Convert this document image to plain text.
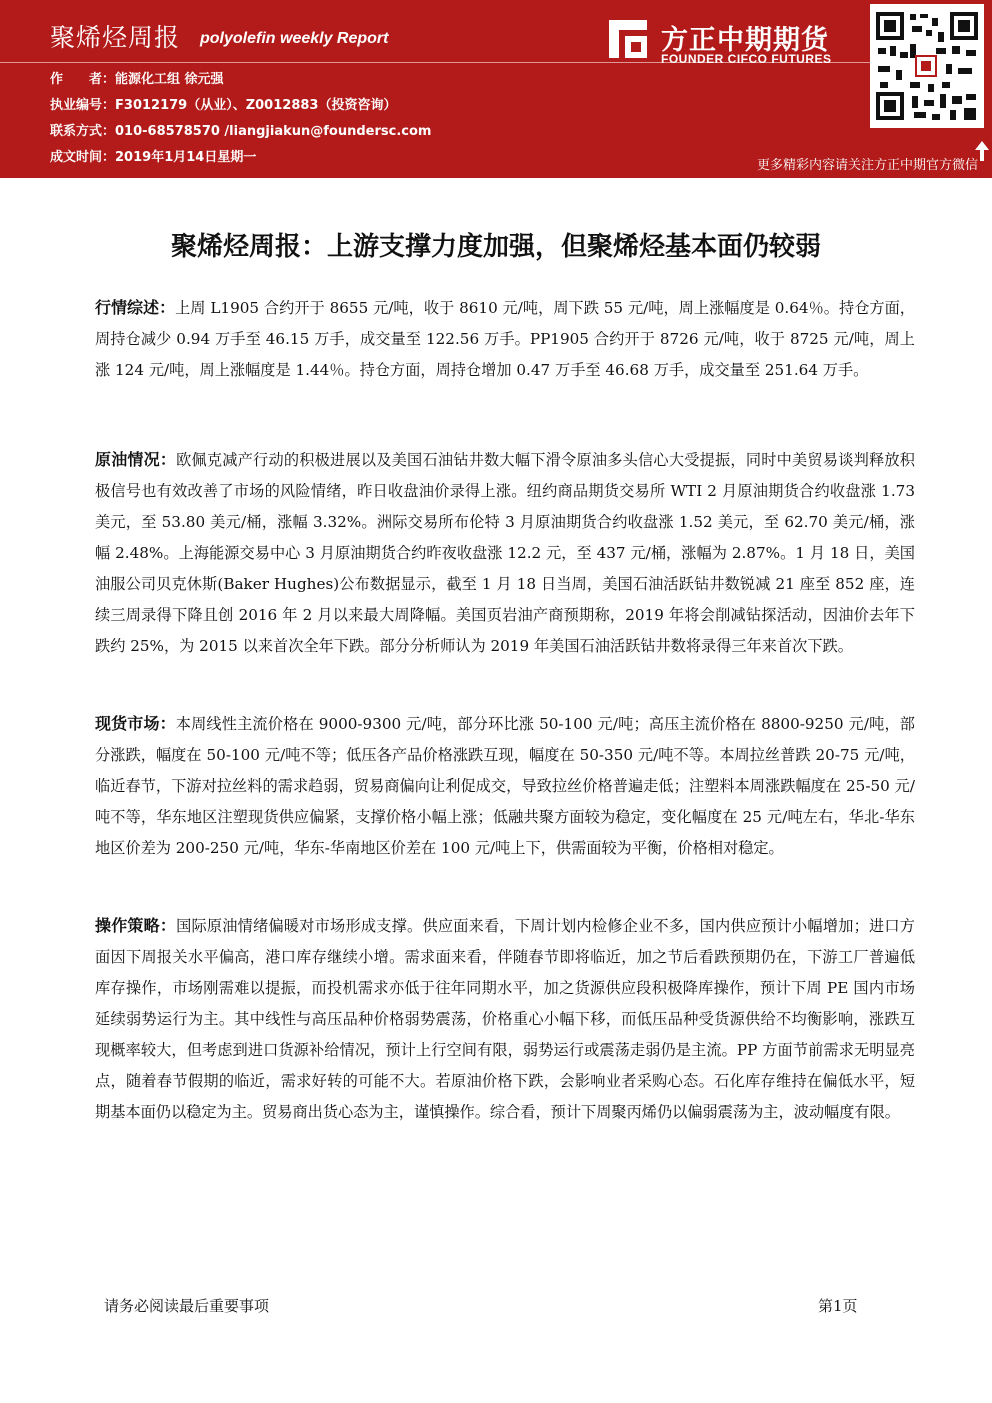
聚烯烃周报 polyolefin weekly Report
作　　者：能源化工组 徐元强
执业编号：F3012179（从业）、Z0012883（投资咨询）
联系方式：010-68578570 /liangjiakun@foundersc.com
成文时间：2019年1月14日星期一
方正中期期货
FOUNDER CIFCO FUTURES
更多精彩内容请关注方正中期官方微信
聚烯烃周报：上游支撑力度加强，但聚烯烃基本面仍较弱
行情综述：上周 L1905 合约开于 8655 元/吨，收于 8610 元/吨，周下跌 55 元/吨，周上涨幅度是 0.64％。持仓方面，周持仓减少 0.94 万手至 46.15 万手，成交量至 122.56 万手。PP1905 合约开于 8726 元/吨，收于 8725 元/吨，周上涨 124 元/吨，周上涨幅度是 1.44％。持仓方面，周持仓增加 0.47 万手至 46.68 万手，成交量至 251.64 万手。
原油情况：欧佩克减产行动的积极进展以及美国石油钻井数大幅下滑令原油多头信心大受提振，同时中美贸易谈判释放积极信号也有效改善了市场的风险情绪，昨日收盘油价录得上涨。纽约商品期货交易所 WTI 2 月原油期货合约收盘涨 1.73 美元，至 53.80 美元/桶，涨幅 3.32%。洲际交易所布伦特 3 月原油期货合约收盘涨 1.52 美元，至 62.70 美元/桶，涨幅 2.48%。上海能源交易中心 3 月原油期货合约昨夜收盘涨 12.2 元，至 437 元/桶，涨幅为 2.87%。1 月 18 日，美国油服公司贝克休斯(Baker Hughes)公布数据显示，截至 1 月 18 日当周，美国石油活跃钻井数锐减 21 座至 852 座，连续三周录得下降且创 2016 年 2 月以来最大周降幅。美国页岩油产商预期称，2019 年将会削减钻探活动，因油价去年下跌约 25%，为 2015 以来首次全年下跌。部分分析师认为 2019 年美国石油活跃钻井数将录得三年来首次下跌。
现货市场：本周线性主流价格在 9000-9300 元/吨，部分环比涨 50-100 元/吨；高压主流价格在 8800-9250 元/吨，部分涨跌，幅度在 50-100 元/吨不等；低压各产品价格涨跌互现，幅度在 50-350 元/吨不等。本周拉丝普跌 20-75 元/吨，临近春节，下游对拉丝料的需求趋弱，贸易商偏向让利促成交，导致拉丝价格普遍走低；注塑料本周涨跌幅度在 25-50 元/吨不等，华东地区注塑现货供应偏紧，支撑价格小幅上涨；低融共聚方面较为稳定，变化幅度在 25 元/吨左右，华北-华东地区价差为 200-250 元/吨，华东-华南地区价差在 100 元/吨上下，供需面较为平衡，价格相对稳定。
操作策略：国际原油情绪偏暖对市场形成支撑。供应面来看，下周计划内检修企业不多，国内供应预计小幅增加；进口方面因下周报关水平偏高，港口库存继续小增。需求面来看，伴随春节即将临近，加之节后看跌预期仍在，下游工厂普遍低库存操作，市场刚需难以提振，而投机需求亦低于往年同期水平，加之货源供应段积极降库操作，预计下周 PE 国内市场延续弱势运行为主。其中线性与高压品种价格弱势震荡，价格重心小幅下移，而低压品种受货源供给不均衡影响，涨跌互现概率较大，但考虑到进口货源补给情况，预计上行空间有限，弱势运行或震荡走弱仍是主流。PP 方面节前需求无明显亮点，随着春节假期的临近，需求好转的可能不大。若原油价格下跌，会影响业者采购心态。石化库存维持在偏低水平，短期基本面仍以稳定为主。贸易商出货心态为主，谨慎操作。综合看，预计下周聚丙烯仍以偏弱震荡为主，波动幅度有限。
请务必阅读最后重要事项	第1页
